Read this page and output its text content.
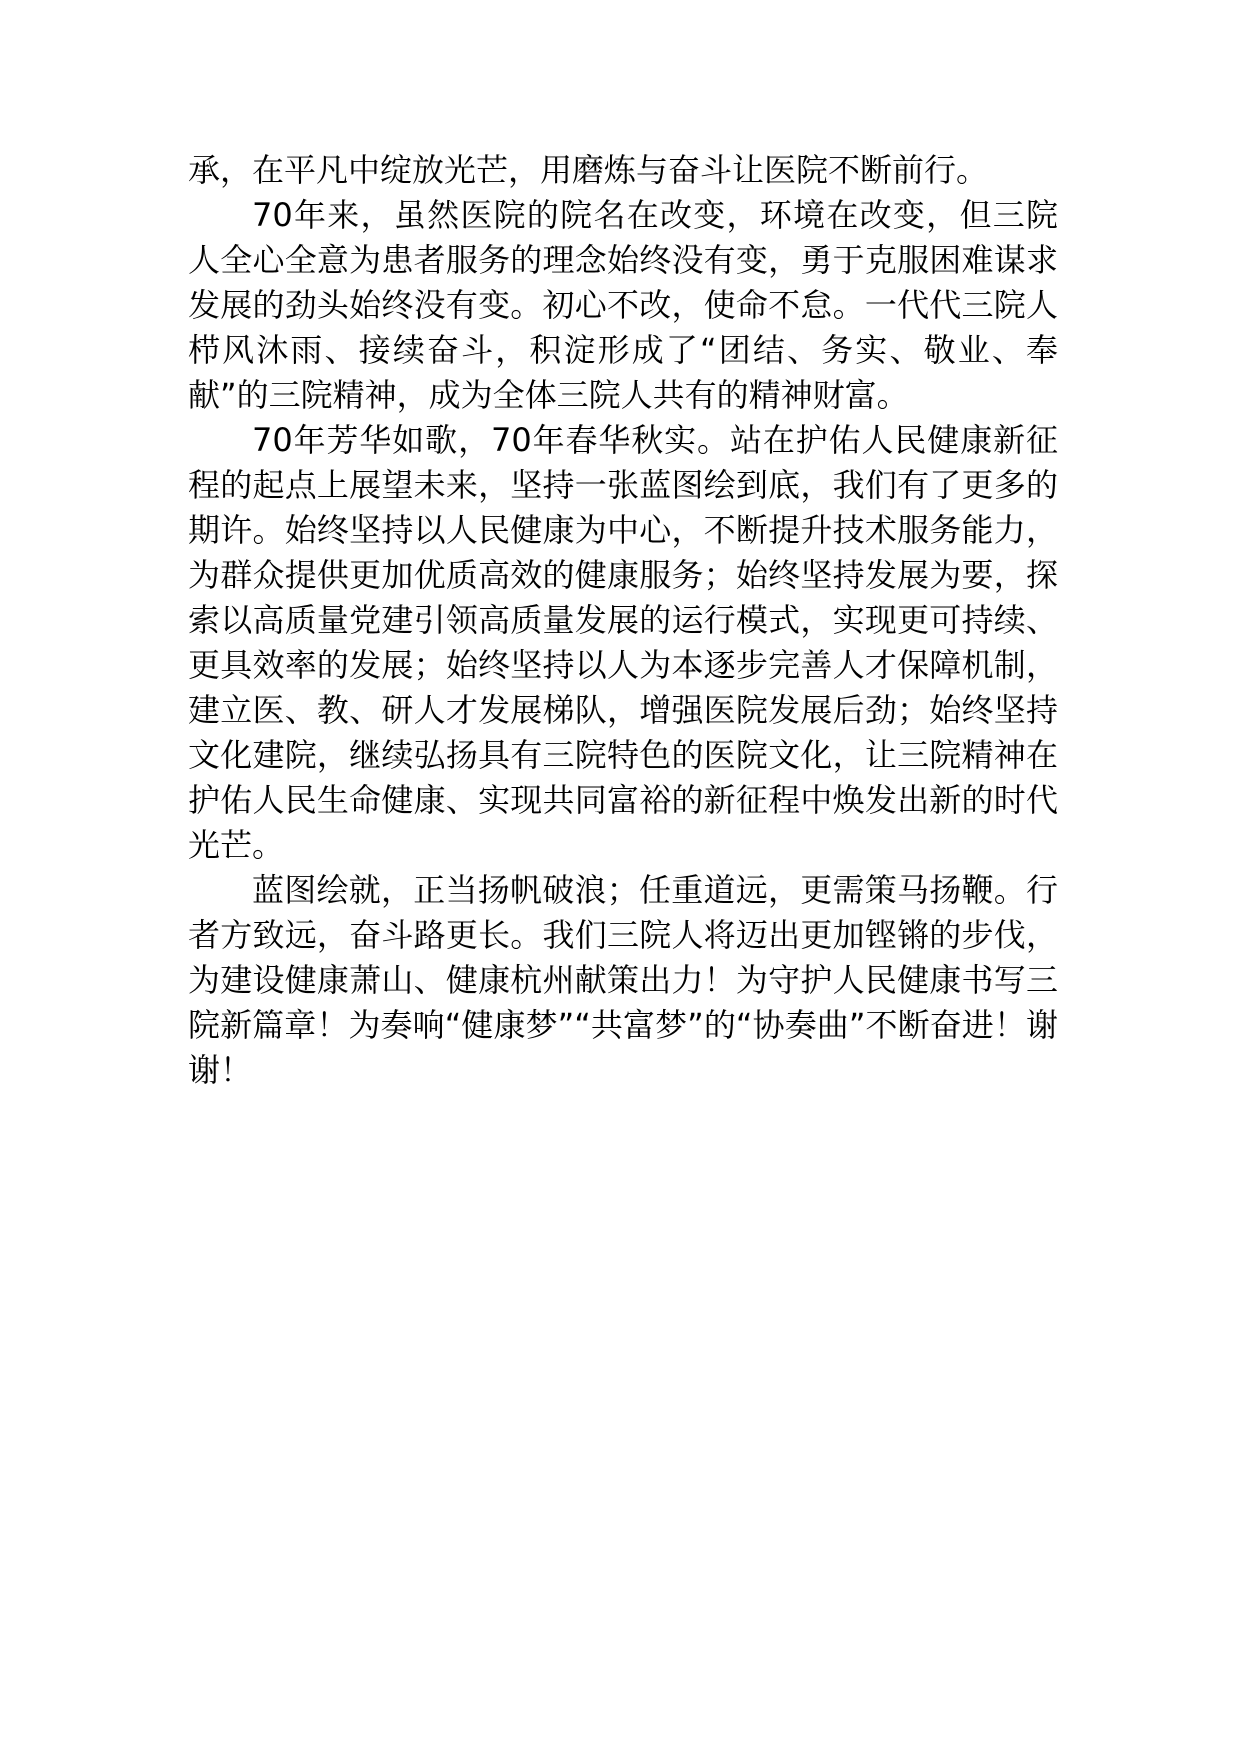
承，在平凡中绽放光芒，用磨炼与奋斗让医院不断前行。

70年来，虽然医院的院名在改变，环境在改变，但三院人全心全意为患者服务的理念始终没有变，勇于克服困难谋求发展的劲头始终没有变。初心不改，使命不怠。一代代三院人栉风沐雨、接续奋斗，积淀形成了“团结、务实、敬业、奉献”的三院精神，成为全体三院人共有的精神财富。

70年芳华如歌，70年春华秋实。站在护佑人民健康新征程的起点上展望未来，坚持一张蓝图绘到底，我们有了更多的期许。始终坚持以人民健康为中心，不断提升技术服务能力，为群众提供更加优质高效的健康服务；始终坚持发展为要，探索以高质量党建引领高质量发展的运行模式，实现更可持续、更具效率的发展；始终坚持以人为本逐步完善人才保障机制，建立医、教、研人才发展梯队，增强医院发展后劲；始终坚持文化建院，继续弘扬具有三院特色的医院文化，让三院精神在护佑人民生命健康、实现共同富裕的新征程中焕发出新的时代光芒。

蓝图绘就，正当扬帆破浪；任重道远，更需策马扬鞭。行者方致远，奋斗路更长。我们三院人将迈出更加铿锵的步伐，为建设健康萧山、健康杭州献策出力！为守护人民健康书写三院新篇章！为奏响“健康梦”“共富梦”的“协奏曲”不断奋进！谢谢！
